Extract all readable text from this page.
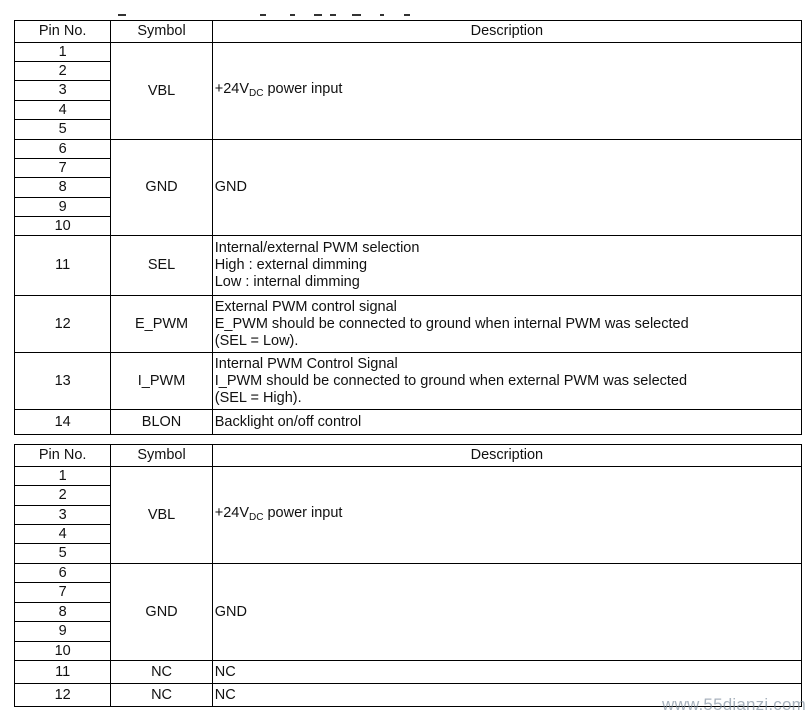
Pin No.	Symbol	Description
1	VBL	$+24V_{DC}$ power input
2		
3		
4		
5		
6	GND	GND
7		
8		
9		
10		
11	SEL	Internal/external PWM selection
High : external dimming
Low : internal dimming

12	E_PWM	External PWM control signal
E_PWM should be connected to ground when internal PWM was selected
(SEL = Low).

13	I_PWM	Internal PWM Control Signal
I_PWM should be connected to ground when external PWM was selected
(SEL = High).

14	BLON	Backlight on/off control
Pin No.	Symbol	Description
1	VBL	$+24V_{DC}$ power input
2		
3		
4		
5		
6	GND	GND
7		
8		
9		
10		
11	NC	NC
12	NC	NC
www.55dianzi.com
